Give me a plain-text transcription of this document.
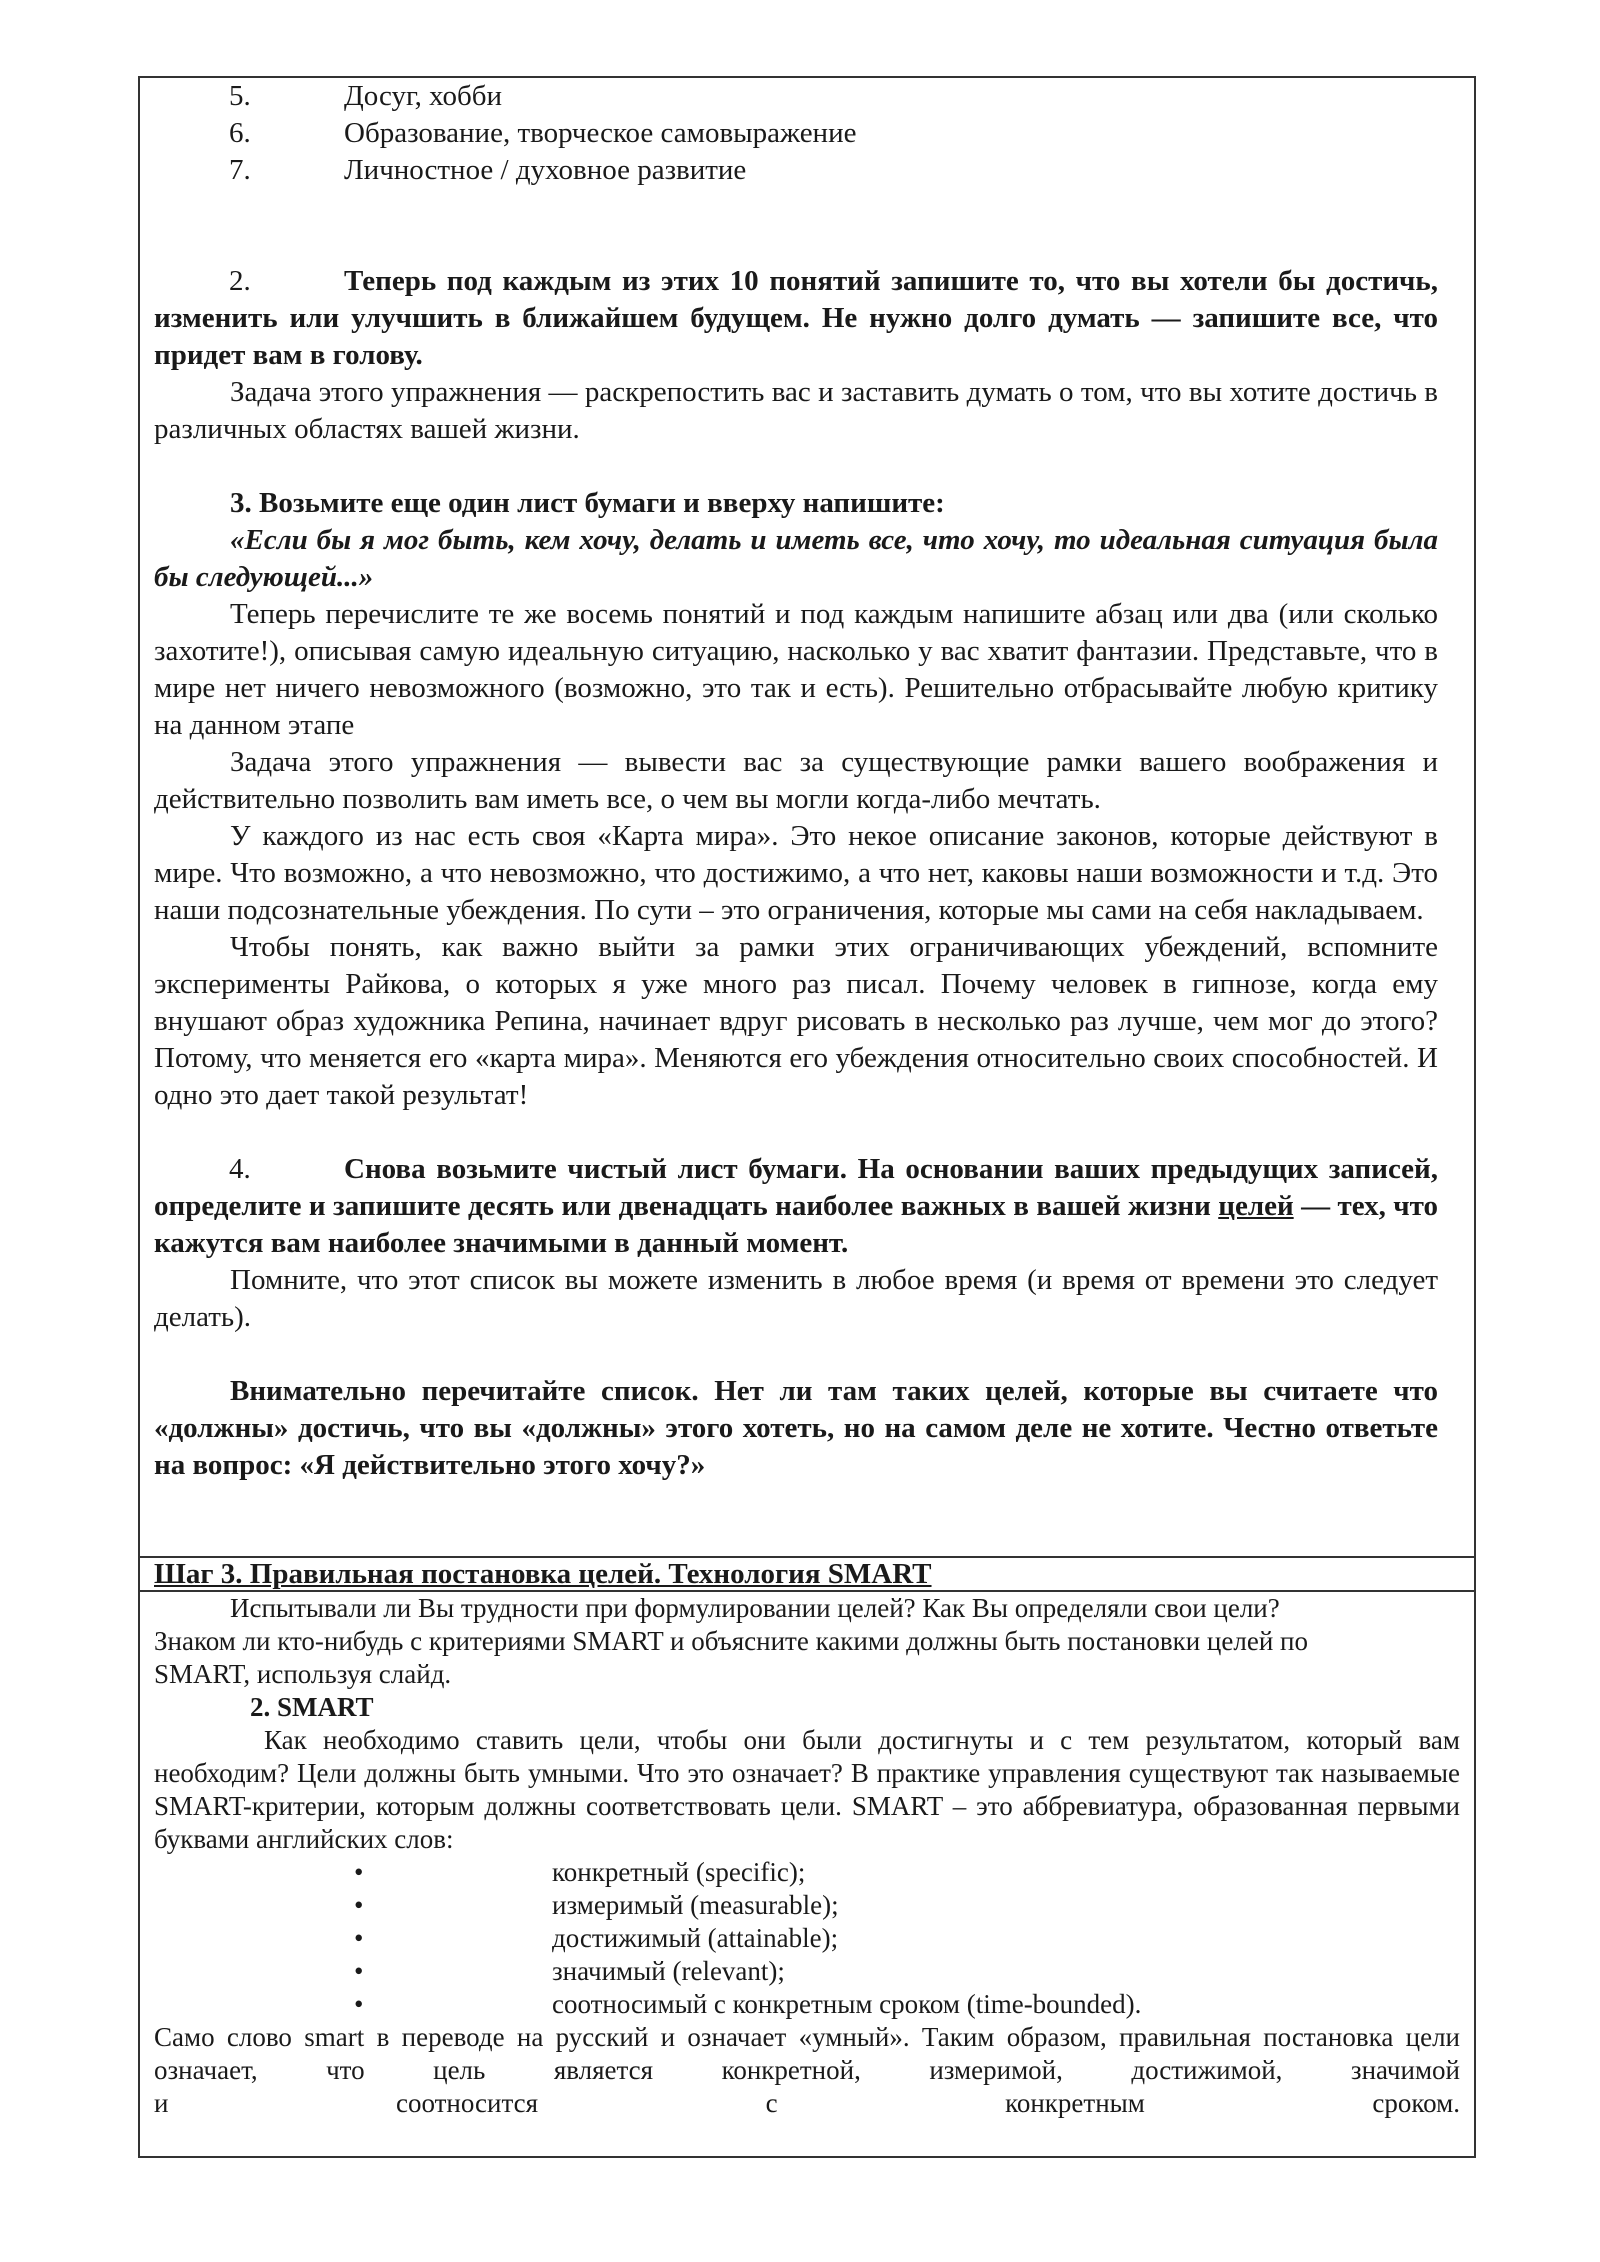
5.	Досуг, хобби
6.	Образование, творческое самовыражение
7.	Личностное / духовное развитие

2.	Теперь под каждым из этих 10 понятий запишите то, что вы хотели бы достичь, изменить или улучшить в ближайшем будущем. Не нужно долго думать — запишите все, что придет вам в голову.

Задача этого упражнения — раскрепостить вас и заставить думать о том, что вы хотите достичь в различных областях вашей жизни.

3. Возьмите еще один лист бумаги и вверху напишите:

«Если бы я мог быть, кем хочу, делать и иметь все, что хочу, то идеальная ситуация была бы следующей...»

Теперь перечислите те же восемь понятий и под каждым напишите абзац или два (или сколько захотите!), описывая самую идеальную ситуацию, насколько у вас хватит фантазии. Представьте, что в мире нет ничего невозможного (возможно, это так и есть). Решительно отбрасывайте любую критику на данном этапе

Задача этого упражнения — вывести вас за существующие рамки вашего воображения и действительно позволить вам иметь все, о чем вы могли когда-либо мечтать.

У каждого из нас есть своя «Карта мира». Это некое описание законов, которые действуют в мире. Что возможно, а что невозможно, что достижимо, а что нет, каковы наши возможности и т.д. Это наши подсознательные убеждения. По сути – это ограничения, которые мы сами на себя накладываем.

Чтобы понять, как важно выйти за рамки этих ограничивающих убеждений, вспомните эксперименты Райкова, о которых я уже много раз писал. Почему человек в гипнозе, когда ему внушают образ художника Репина, начинает вдруг рисовать в несколько раз лучше, чем мог до этого? Потому, что меняется его «карта мира». Меняются его убеждения относительно своих способностей. И одно это дает такой результат!

4.	Снова возьмите чистый лист бумаги. На основании ваших предыдущих записей, определите и запишите десять или двенадцать наиболее важных в вашей жизни целей — тех, что кажутся вам наиболее значимыми в данный момент.

Помните, что этот список вы можете изменить в любое время (и время от времени это следует делать).

Внимательно перечитайте список. Нет ли там таких целей, которые вы считаете что «должны» достичь, что вы «должны» этого хотеть, но на самом деле не хотите. Честно ответьте на вопрос: «Я действительно этого хочу?»

Шаг 3. Правильная постановка целей. Технология SMART

Испытывали ли Вы трудности при формулировании целей? Как Вы определяли свои цели? Знаком ли кто-нибудь с критериями SMART и объясните какими должны быть постановки целей по SMART, используя слайд.

2. SMART

Как необходимо ставить цели, чтобы они были достигнуты и с тем результатом, который вам необходим? Цели должны быть умными. Что это означает? В практике управления существуют так называемые SMART-критерии, которым должны соответствовать цели. SMART – это аббревиатура, образованная первыми буквами английских слов:

•	конкретный (specific);
•	измеримый (measurable);
•	достижимый (attainable);
•	значимый (relevant);
•	соотносимый с конкретным сроком (time-bounded).

Само слово smart в переводе на русский и означает «умный». Таким образом, правильная постановка цели означает, что цель является конкретной, измеримой, достижимой, значимой

и	соотносится	с	конкретным	сроком.
